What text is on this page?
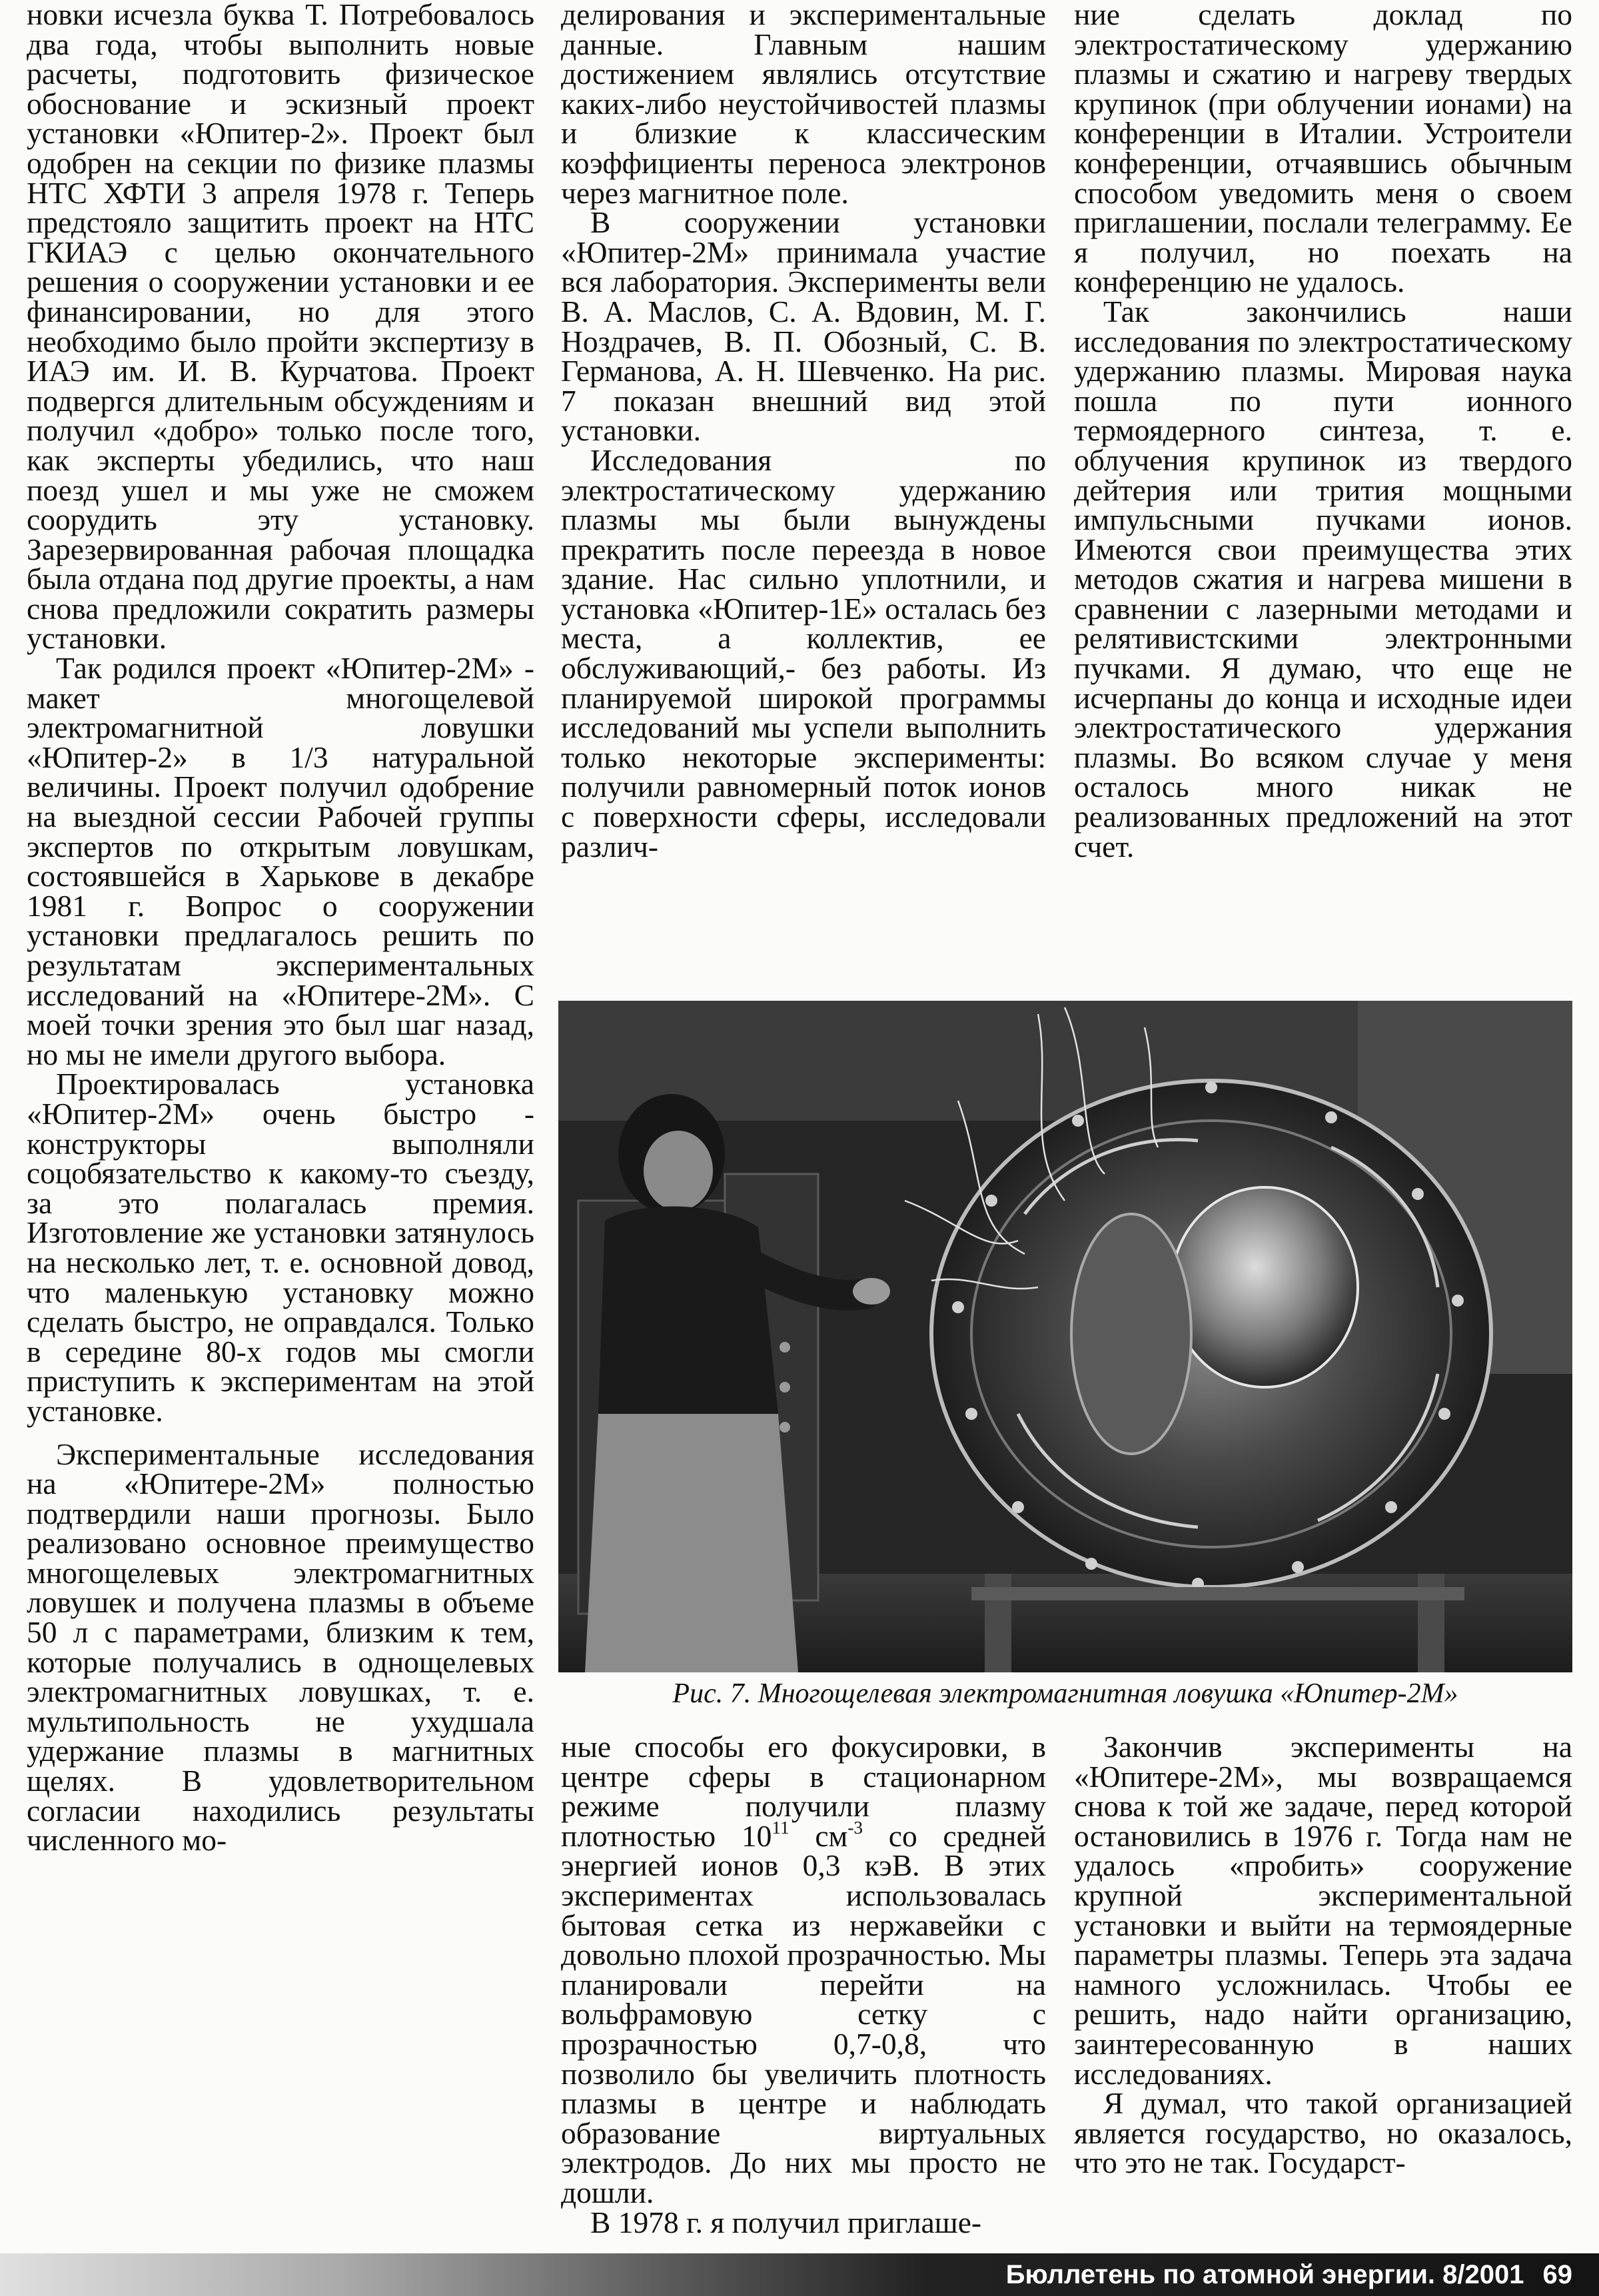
новки исчезла буква Т. Потребовалось два года, чтобы выполнить новые расчеты, подготовить физическое обоснование и эскизный проект установки «Юпитер-2». Проект был одобрен на секции по физике плазмы НТС ХФТИ 3 апреля 1978 г. Теперь предстояло защитить проект на НТС ГКИАЭ с целью окончательного решения о сооружении установки и ее финансировании, но для этого необходимо было пройти экспертизу в ИАЭ им. И. В. Курчатова. Проект подвергся длительным обсуждениям и получил «добро» только после того, как эксперты убедились, что наш поезд ушел и мы уже не сможем соорудить эту установку. Зарезервированная рабочая площадка была отдана под другие проекты, а нам снова предложили сократить размеры установки.

Так родился проект «Юпитер-2М» - макет многощелевой электромагнитной ловушки «Юпитер-2» в 1/3 натуральной величины. Проект получил одобрение на выездной сессии Рабочей группы экспертов по открытым ловушкам, состоявшейся в Харькове в декабре 1981 г. Вопрос о сооружении установки предлагалось решить по результатам экспериментальных исследований на «Юпитере-2М». С моей точки зрения это был шаг назад, но мы не имели другого выбора.

Проектировалась установка «Юпитер-2М» очень быстро - конструкторы выполняли соцобязательство к какому-то съезду, за это полагалась премия. Изготовление же установки затянулось на несколько лет, т. е. основной довод, что маленькую установку можно сделать быстро, не оправдался. Только в середине 80-х годов мы смогли приступить к экспериментам на этой установке.

Экспериментальные исследования на «Юпитере-2М» полностью подтвердили наши прогнозы. Было реализовано основное преимущество многощелевых электромагнитных ловушек и получена плазмы в объеме 50 л с параметрами, близким к тем, которые получались в однощелевых электромагнитных ловушках, т. е. мультипольность не ухудшала удержание плазмы в магнитных щелях. В удовлетворительном согласии находились результаты численного мо-

делирования и экспериментальные данные. Главным нашим достижением являлись отсутствие каких-либо неустойчивостей плазмы и близкие к классическим коэффициенты переноса электронов через магнитное поле.

В сооружении установки «Юпитер-2М» принимала участие вся лаборатория. Эксперименты вели В. А. Маслов, С. А. Вдовин, М. Г. Ноздрачев, В. П. Обозный, С. В. Германова, А. Н. Шевченко. На рис. 7 показан внешний вид этой установки.

Исследования по электростатическому удержанию плазмы мы были вынуждены прекратить после переезда в новое здание. Нас сильно уплотнили, и установка «Юпитер-1Е» осталась без места, а коллектив, ее обслуживающий,- без работы. Из планируемой широкой программы исследований мы успели выполнить только некоторые эксперименты: получили равномерный поток ионов с поверхности сферы, исследовали различ-

ние сделать доклад по электростатическому удержанию плазмы и сжатию и нагреву твердых крупинок (при облучении ионами) на конференции в Италии. Устроители конференции, отчаявшись обычным способом уведомить меня о своем приглашении, послали телеграмму. Ее я получил, но поехать на конференцию не удалось.

Так закончились наши исследования по электростатическому удержанию плазмы. Мировая наука пошла по пути ионного термоядерного синтеза, т. е. облучения крупинок из твердого дейтерия или трития мощными импульсными пучками ионов. Имеются свои преимущества этих методов сжатия и нагрева мишени в сравнении с лазерными методами и релятивистскими электронными пучками. Я думаю, что еще не исчерпаны до конца и исходные идеи электростатического удержания плазмы. Во всяком случае у меня осталось много никак не реализованных предложений на этот счет.

Рис. 7. Многощелевая электромагнитная ловушка «Юпитер-2М»

ные способы его фокусировки, в центре сферы в стационарном режиме получили плазму плотностью $10^{11}$ $см^{-3}$ со средней энергией ионов 0,3 кэВ. В этих экспериментах использовалась бытовая сетка из нержавейки с довольно плохой прозрачностью. Мы планировали перейти на вольфрамовую сетку с прозрачностью 0,7-0,8, что позволило бы увеличить плотность плазмы в центре и наблюдать образование виртуальных электродов. До них мы просто не дошли.

В 1978 г. я получил приглаше-

Закончив эксперименты на «Юпитере-2М», мы возвращаемся снова к той же задаче, перед которой остановились в 1976 г. Тогда нам не удалось «пробить» сооружение крупной экспериментальной установки и выйти на термоядерные параметры плазмы. Теперь эта задача намного усложнилась. Чтобы ее решить, надо найти организацию, заинтересованную в наших исследованиях.

Я думал, что такой организацией является государство, но оказалось, что это не так. Государст-

Бюллетень по атомной энергии. 8/2001 69
